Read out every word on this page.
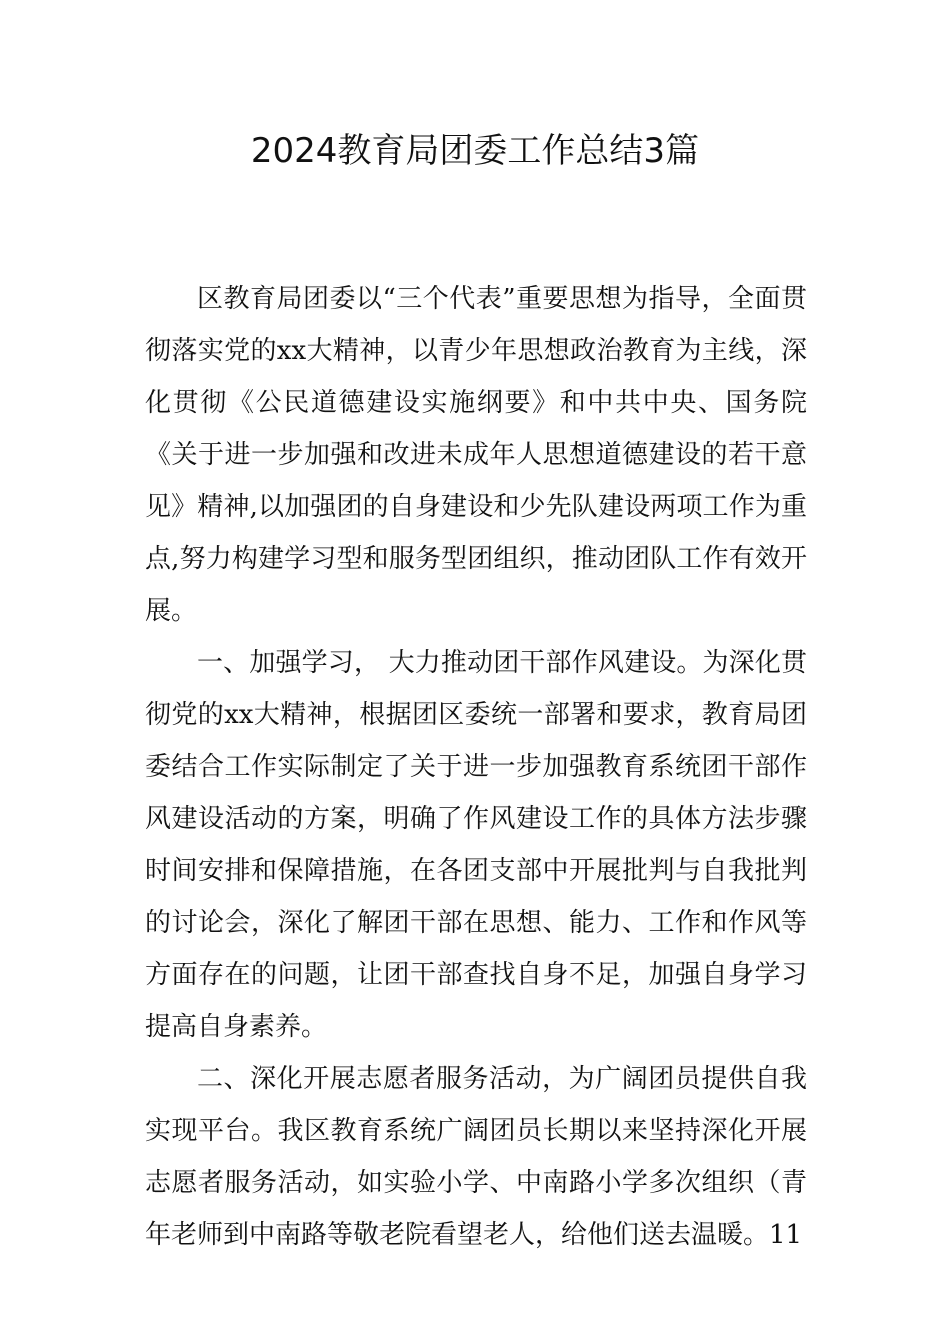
2024教育局团委工作总结3篇

区教育局团委以“三个代表”重要思想为指导，全面贯彻落实党的xx大精神，以青少年思想政治教育为主线，深化贯彻《公民道德建设实施纲要》和中共中央、国务院《关于进一步加强和改进未成年人思想道德建设的若干意见》精神,以加强团的自身建设和少先队建设两项工作为重点,努力构建学习型和服务型团组织，推动团队工作有效开展。

一、加强学习， 大力推动团干部作风建设。为深化贯彻党的xx大精神，根据团区委统一部署和要求，教育局团委结合工作实际制定了关于进一步加强教育系统团干部作风建设活动的方案，明确了作风建设工作的具体方法步骤时间安排和保障措施，在各团支部中开展批判与自我批判的讨论会，深化了解团干部在思想、能力、工作和作风等方面存在的问题，让团干部查找自身不足，加强自身学习提高自身素养。

二、深化开展志愿者服务活动，为广阔团员提供自我实现平台。我区教育系统广阔团员长期以来坚持深化开展志愿者服务活动，如实验小学、中南路小学多次组织（青年老师到中南路等敬老院看望老人，给他们送去温暖。11
